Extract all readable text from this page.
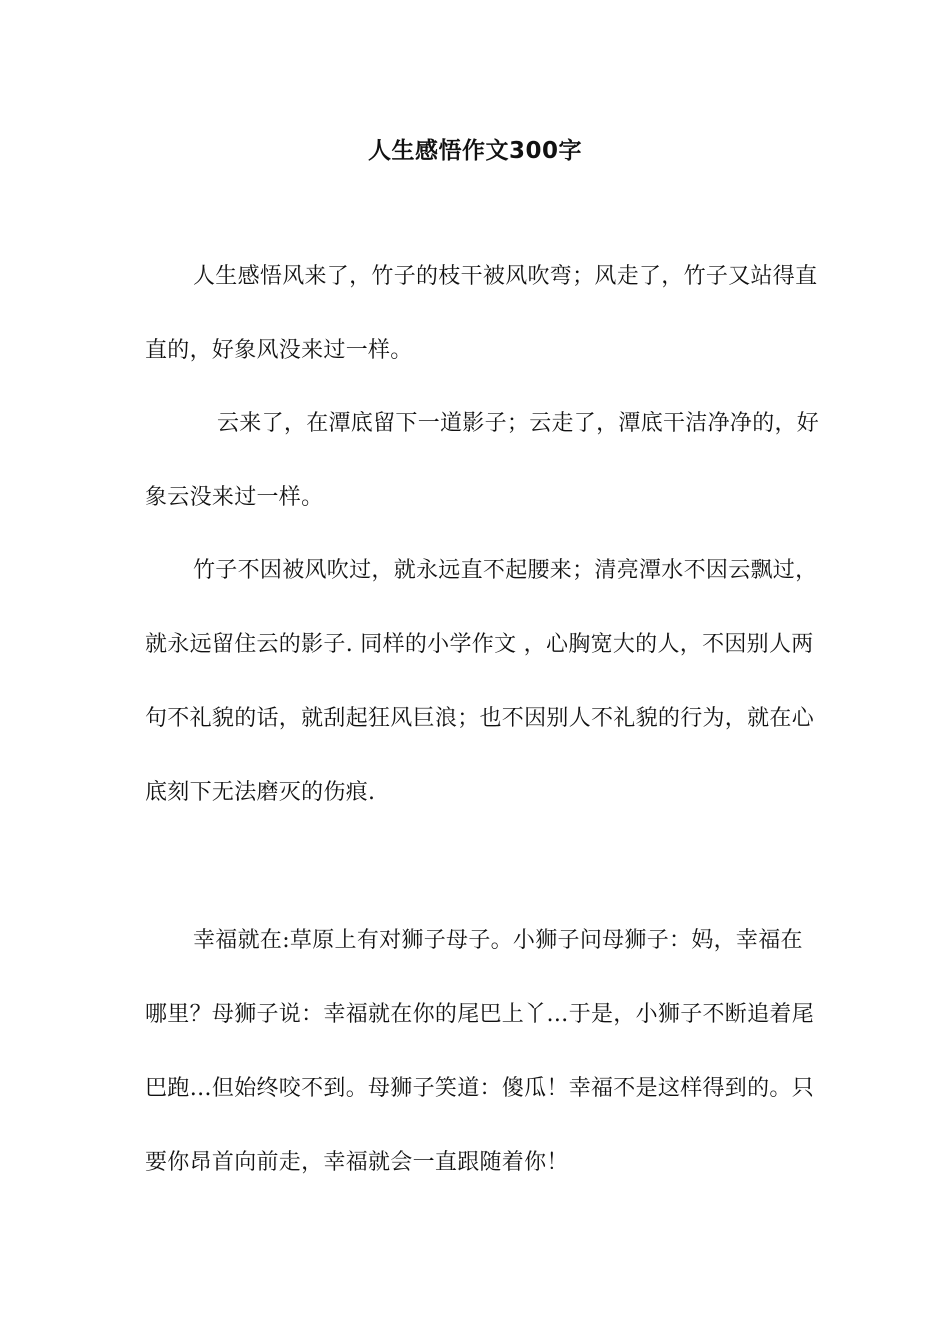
人生感悟作文300字

人生感悟风来了，竹子的枝干被风吹弯；风走了，竹子又站得直直的，好象风没来过一样。

云来了，在潭底留下一道影子；云走了，潭底干洁净净的，好象云没来过一样。

竹子不因被风吹过，就永远直不起腰来；清亮潭水不因云飘过，就永远留住云的影子. 同样的小学作文 ，心胸宽大的人，不因别人两句不礼貌的话，就刮起狂风巨浪；也不因别人不礼貌的行为，就在心底刻下无法磨灭的伤痕.

幸福就在:草原上有对狮子母子。小狮子问母狮子：妈，幸福在哪里？母狮子说：幸福就在你的尾巴上丫…于是，小狮子不断追着尾巴跑…但始终咬不到。母狮子笑道：傻瓜！幸福不是这样得到的。只要你昂首向前走，幸福就会一直跟随着你！
